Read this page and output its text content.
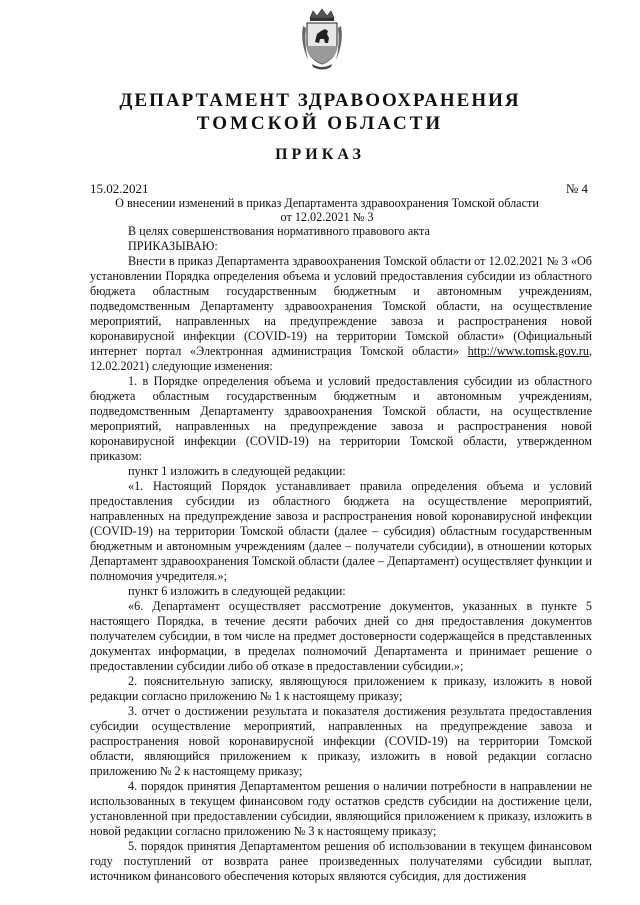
ДЕПАРТАМЕНТ ЗДРАВООХРАНЕНИЯ
ТОМСКОЙ ОБЛАСТИ
ПРИКАЗ
15.02.2021	№ 4
О внесении изменений в приказ Департамента здравоохранения Томской области от 12.02.2021 № 3

В целях совершенствования нормативного правового акта

ПРИКАЗЫВАЮ:

Внести в приказ Департамента здравоохранения Томской области от 12.02.2021 № 3 «Об установлении Порядка определения объема и условий предоставления субсидии из областного бюджета областным государственным бюджетным и автономным учреждениям, подведомственным Департаменту здравоохранения Томской области, на осуществление мероприятий, направленных на предупреждение завоза и распространения новой коронавирусной инфекции (COVID-19) на территории Томской области» (Официальный интернет портал «Электронная администрация Томской области» http://www.tomsk.gov.ru, 12.02.2021) следующие изменения:

1. в Порядке определения объема и условий предоставления субсидии из областного бюджета областным государственным бюджетным и автономным учреждениям, подведомственным Департаменту здравоохранения Томской области, на осуществление мероприятий, направленных на предупреждение завоза и распространения новой коронавирусной инфекции (COVID-19) на территории Томской области, утвержденном приказом:

пункт 1 изложить в следующей редакции:

«1. Настоящий Порядок устанавливает правила определения объема и условий предоставления субсидии из областного бюджета на осуществление мероприятий, направленных на предупреждение завоза и распространения новой коронавирусной инфекции (COVID-19) на территории Томской области (далее – субсидия) областным государственным бюджетным и автономным учреждениям (далее – получатели субсидии), в отношении которых Департамент здравоохранения Томской области (далее – Департамент) осуществляет функции и полномочия учредителя.»;

пункт 6 изложить в следующей редакции:

«6. Департамент осуществляет рассмотрение документов, указанных в пункте 5 настоящего Порядка, в течение десяти рабочих дней со дня предоставления документов получателем субсидии, в том числе на предмет достоверности содержащейся в представленных документах информации, в пределах полномочий Департамента и принимает решение о предоставлении субсидии либо об отказе в предоставлении субсидии.»;

2. пояснительную записку, являющуюся приложением к приказу, изложить в новой редакции согласно приложению № 1 к настоящему приказу;

3. отчет о достижении результата и показателя достижения результата предоставления субсидии осуществление мероприятий, направленных на предупреждение завоза и распространения новой коронавирусной инфекции (COVID-19) на территории Томской области, являющийся приложением к приказу, изложить в новой редакции согласно приложению № 2 к настоящему приказу;

4. порядок принятия Департаментом решения о наличии потребности в направлении не использованных в текущем финансовом году остатков средств субсидии на достижение цели, установленной при предоставлении субсидии, являющийся приложением к приказу, изложить в новой редакции согласно приложению № 3 к настоящему приказу;

5. порядок принятия Департаментом решения об использовании в текущем финансовом году поступлений от возврата ранее произведенных получателями субсидии выплат, источником финансового обеспечения которых являются субсидия, для достижения
